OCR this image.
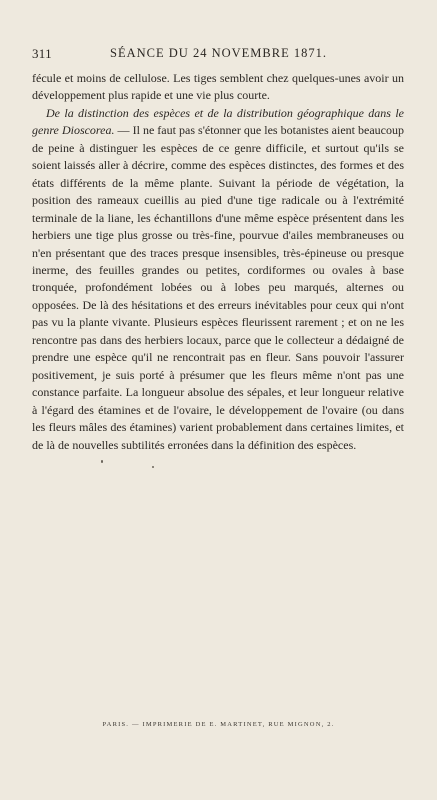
311	SÉANCE DU 24 NOVEMBRE 1871.

fécule et moins de cellulose. Les tiges semblent chez quelques-unes avoir un développement plus rapide et une vie plus courte.

De la distinction des espèces et de la distribution géographique dans le genre Dioscorea. — Il ne faut pas s'étonner que les botanistes aient beaucoup de peine à distinguer les espèces de ce genre difficile, et surtout qu'ils se soient laissés aller à décrire, comme des espèces distinctes, des formes et des états différents de la même plante. Suivant la période de végétation, la position des rameaux cueillis au pied d'une tige radicale ou à l'extrémité terminale de la liane, les échantillons d'une même espèce présentent dans les herbiers une tige plus grosse ou très-fine, pourvue d'ailes membraneuses ou n'en présentant que des traces presque insensibles, très-épineuse ou presque inerme, des feuilles grandes ou petites, cordiformes ou ovales à base tronquée, profondément lobées ou à lobes peu marqués, alternes ou opposées. De là des hésitations et des erreurs inévitables pour ceux qui n'ont pas vu la plante vivante. Plusieurs espèces fleurissent rarement ; et on ne les rencontre pas dans des herbiers locaux, parce que le collecteur a dédaigné de prendre une espèce qu'il ne rencontrait pas en fleur. Sans pouvoir l'assurer positivement, je suis porté à présumer que les fleurs même n'ont pas une constance parfaite. La longueur absolue des sépales, et leur longueur relative à l'égard des étamines et de l'ovaire, le développement de l'ovaire (ou dans les fleurs mâles des étamines) varient probablement dans certaines limites, et de là de nouvelles subtilités erronées dans la définition des espèces.

PARIS. — IMPRIMERIE DE E. MARTINET, RUE MIGNON, 2.
